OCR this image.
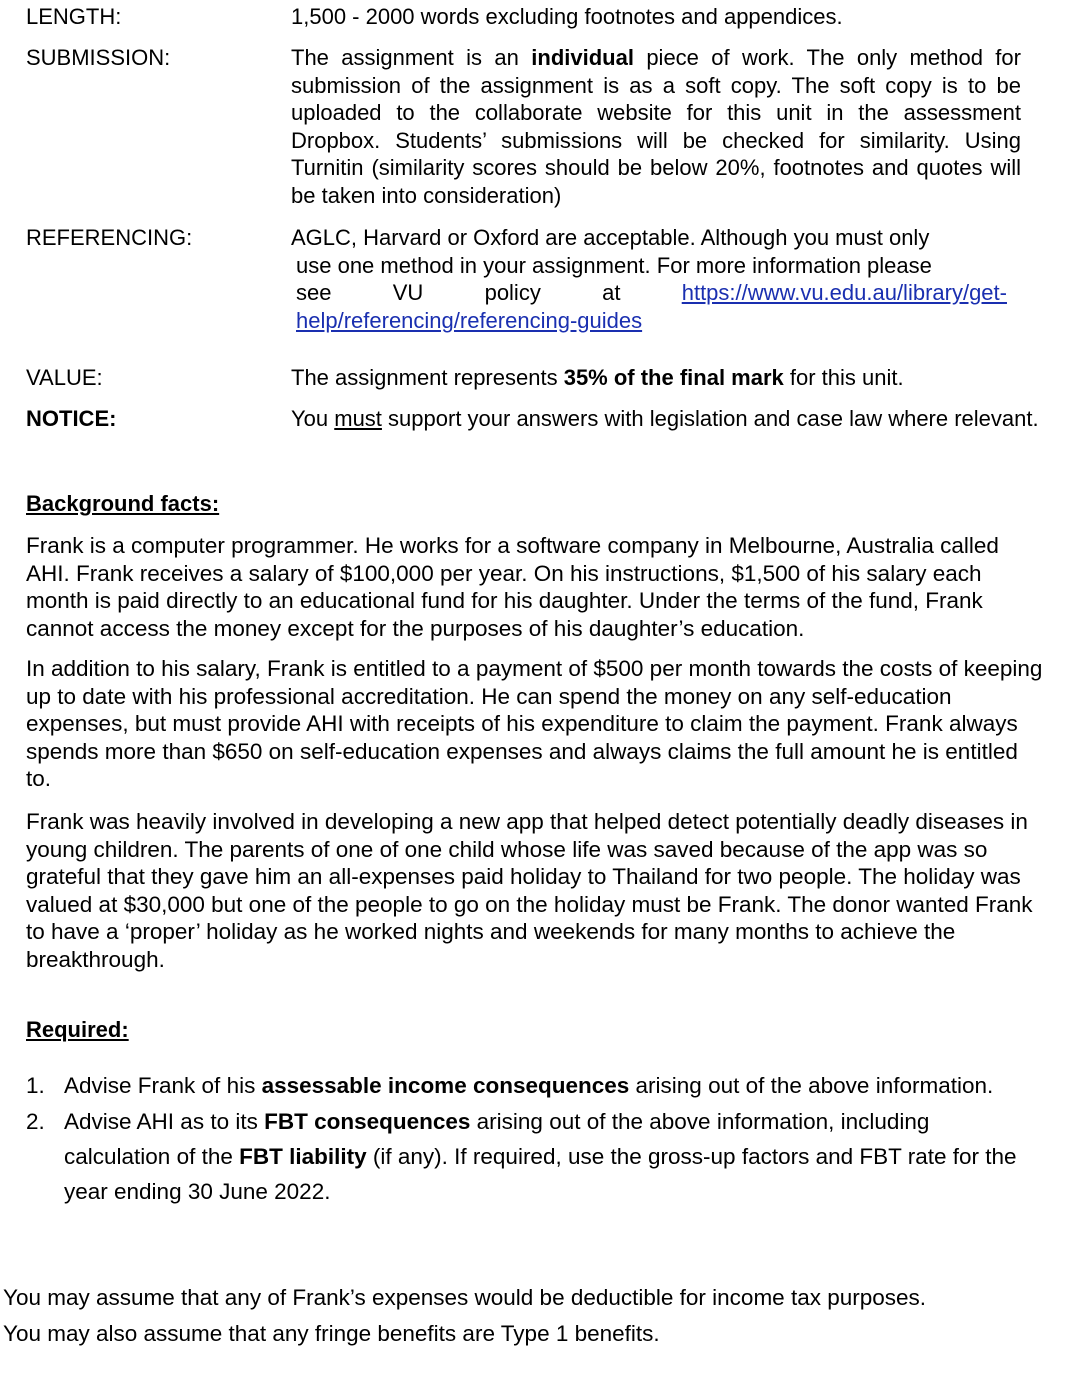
LENGTH:	1,500 - 2000 words excluding footnotes and appendices.
SUBMISSION:	The assignment is an individual piece of work. The only method for submission of the assignment is as a soft copy. The soft copy is to be uploaded to the collaborate website for this unit in the assessment Dropbox. Students’ submissions will be checked for similarity. Using Turnitin (similarity scores should be below 20%, footnotes and quotes will be taken into consideration)
REFERENCING:	AGLC, Harvard or Oxford are acceptable. Although you must only
use one method in your assignment. For more information please
see	VU	policy	at	https://www.vu.edu.au/library/get-
help/referencing/referencing-guides
VALUE:	The assignment represents 35% of the final mark for this unit.
NOTICE:	You must support your answers with legislation and case law where relevant.
Background facts:
Frank is a computer programmer. He works for a software company in Melbourne, Australia called AHI. Frank receives a salary of $100,000 per year. On his instructions, $1,500 of his salary each month is paid directly to an educational fund for his daughter. Under the terms of the fund, Frank cannot access the money except for the purposes of his daughter’s education.
In addition to his salary, Frank is entitled to a payment of $500 per month towards the costs of keeping up to date with his professional accreditation. He can spend the money on any self-education expenses, but must provide AHI with receipts of his expenditure to claim the payment. Frank always spends more than $650 on self-education expenses and always claims the full amount he is entitled to.
Frank was heavily involved in developing a new app that helped detect potentially deadly diseases in young children. The parents of one of one child whose life was saved because of the app was so grateful that they gave him an all-expenses paid holiday to Thailand for two people. The holiday was valued at $30,000 but one of the people to go on the holiday must be Frank. The donor wanted Frank to have a ‘proper’ holiday as he worked nights and weekends for many months to achieve the breakthrough.
Required:
1. Advise Frank of his assessable income consequences arising out of the above information.
2. Advise AHI as to its FBT consequences arising out of the above information, including calculation of the FBT liability (if any). If required, use the gross-up factors and FBT rate for the year ending 30 June 2022.
You may assume that any of Frank’s expenses would be deductible for income tax purposes.
You may also assume that any fringe benefits are Type 1 benefits.
